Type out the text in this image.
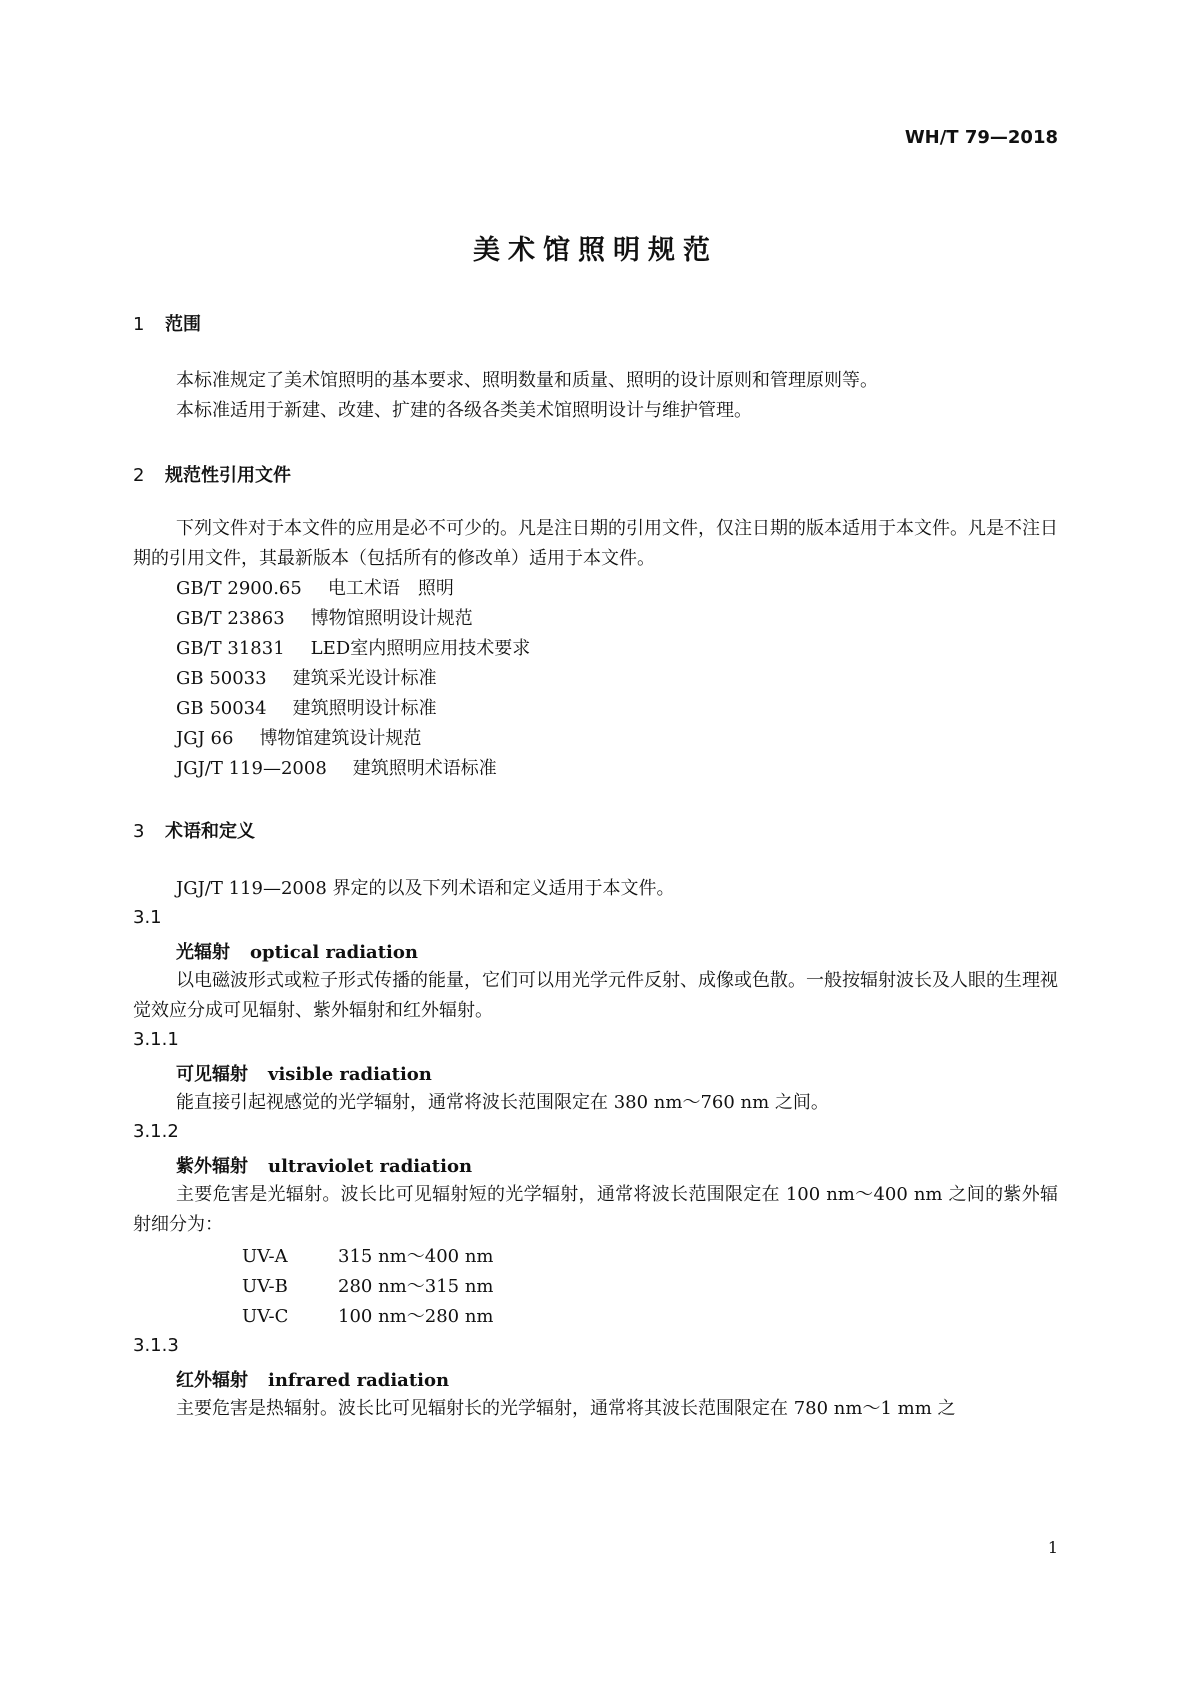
WH/T 79—2018
美术馆照明规范
1 范围
本标准规定了美术馆照明的基本要求、照明数量和质量、照明的设计原则和管理原则等。
本标准适用于新建、改建、扩建的各级各类美术馆照明设计与维护管理。
2 规范性引用文件
下列文件对于本文件的应用是必不可少的。凡是注日期的引用文件，仅注日期的版本适用于本文件。凡是不注日期的引用文件，其最新版本（包括所有的修改单）适用于本文件。
GB/T 2900.65 电工术语　照明
GB/T 23863 博物馆照明设计规范
GB/T 31831 LED室内照明应用技术要求
GB 50033 建筑采光设计标准
GB 50034 建筑照明设计标准
JGJ 66 博物馆建筑设计规范
JGJ/T 119—2008 建筑照明术语标准
3 术语和定义
JGJ/T 119—2008 界定的以及下列术语和定义适用于本文件。
3.1
光辐射 optical radiation
以电磁波形式或粒子形式传播的能量，它们可以用光学元件反射、成像或色散。一般按辐射波长及人眼的生理视觉效应分成可见辐射、紫外辐射和红外辐射。
3.1.1
可见辐射 visible radiation
能直接引起视感觉的光学辐射，通常将波长范围限定在 380 nm～760 nm 之间。
3.1.2
紫外辐射 ultraviolet radiation
主要危害是光辐射。波长比可见辐射短的光学辐射，通常将波长范围限定在 100 nm～400 nm 之间的紫外辐射细分为：
UV-A	315 nm～400 nm
UV-B	280 nm～315 nm
UV-C	100 nm～280 nm
3.1.3
红外辐射 infrared radiation
主要危害是热辐射。波长比可见辐射长的光学辐射，通常将其波长范围限定在 780 nm～1 mm 之
1
